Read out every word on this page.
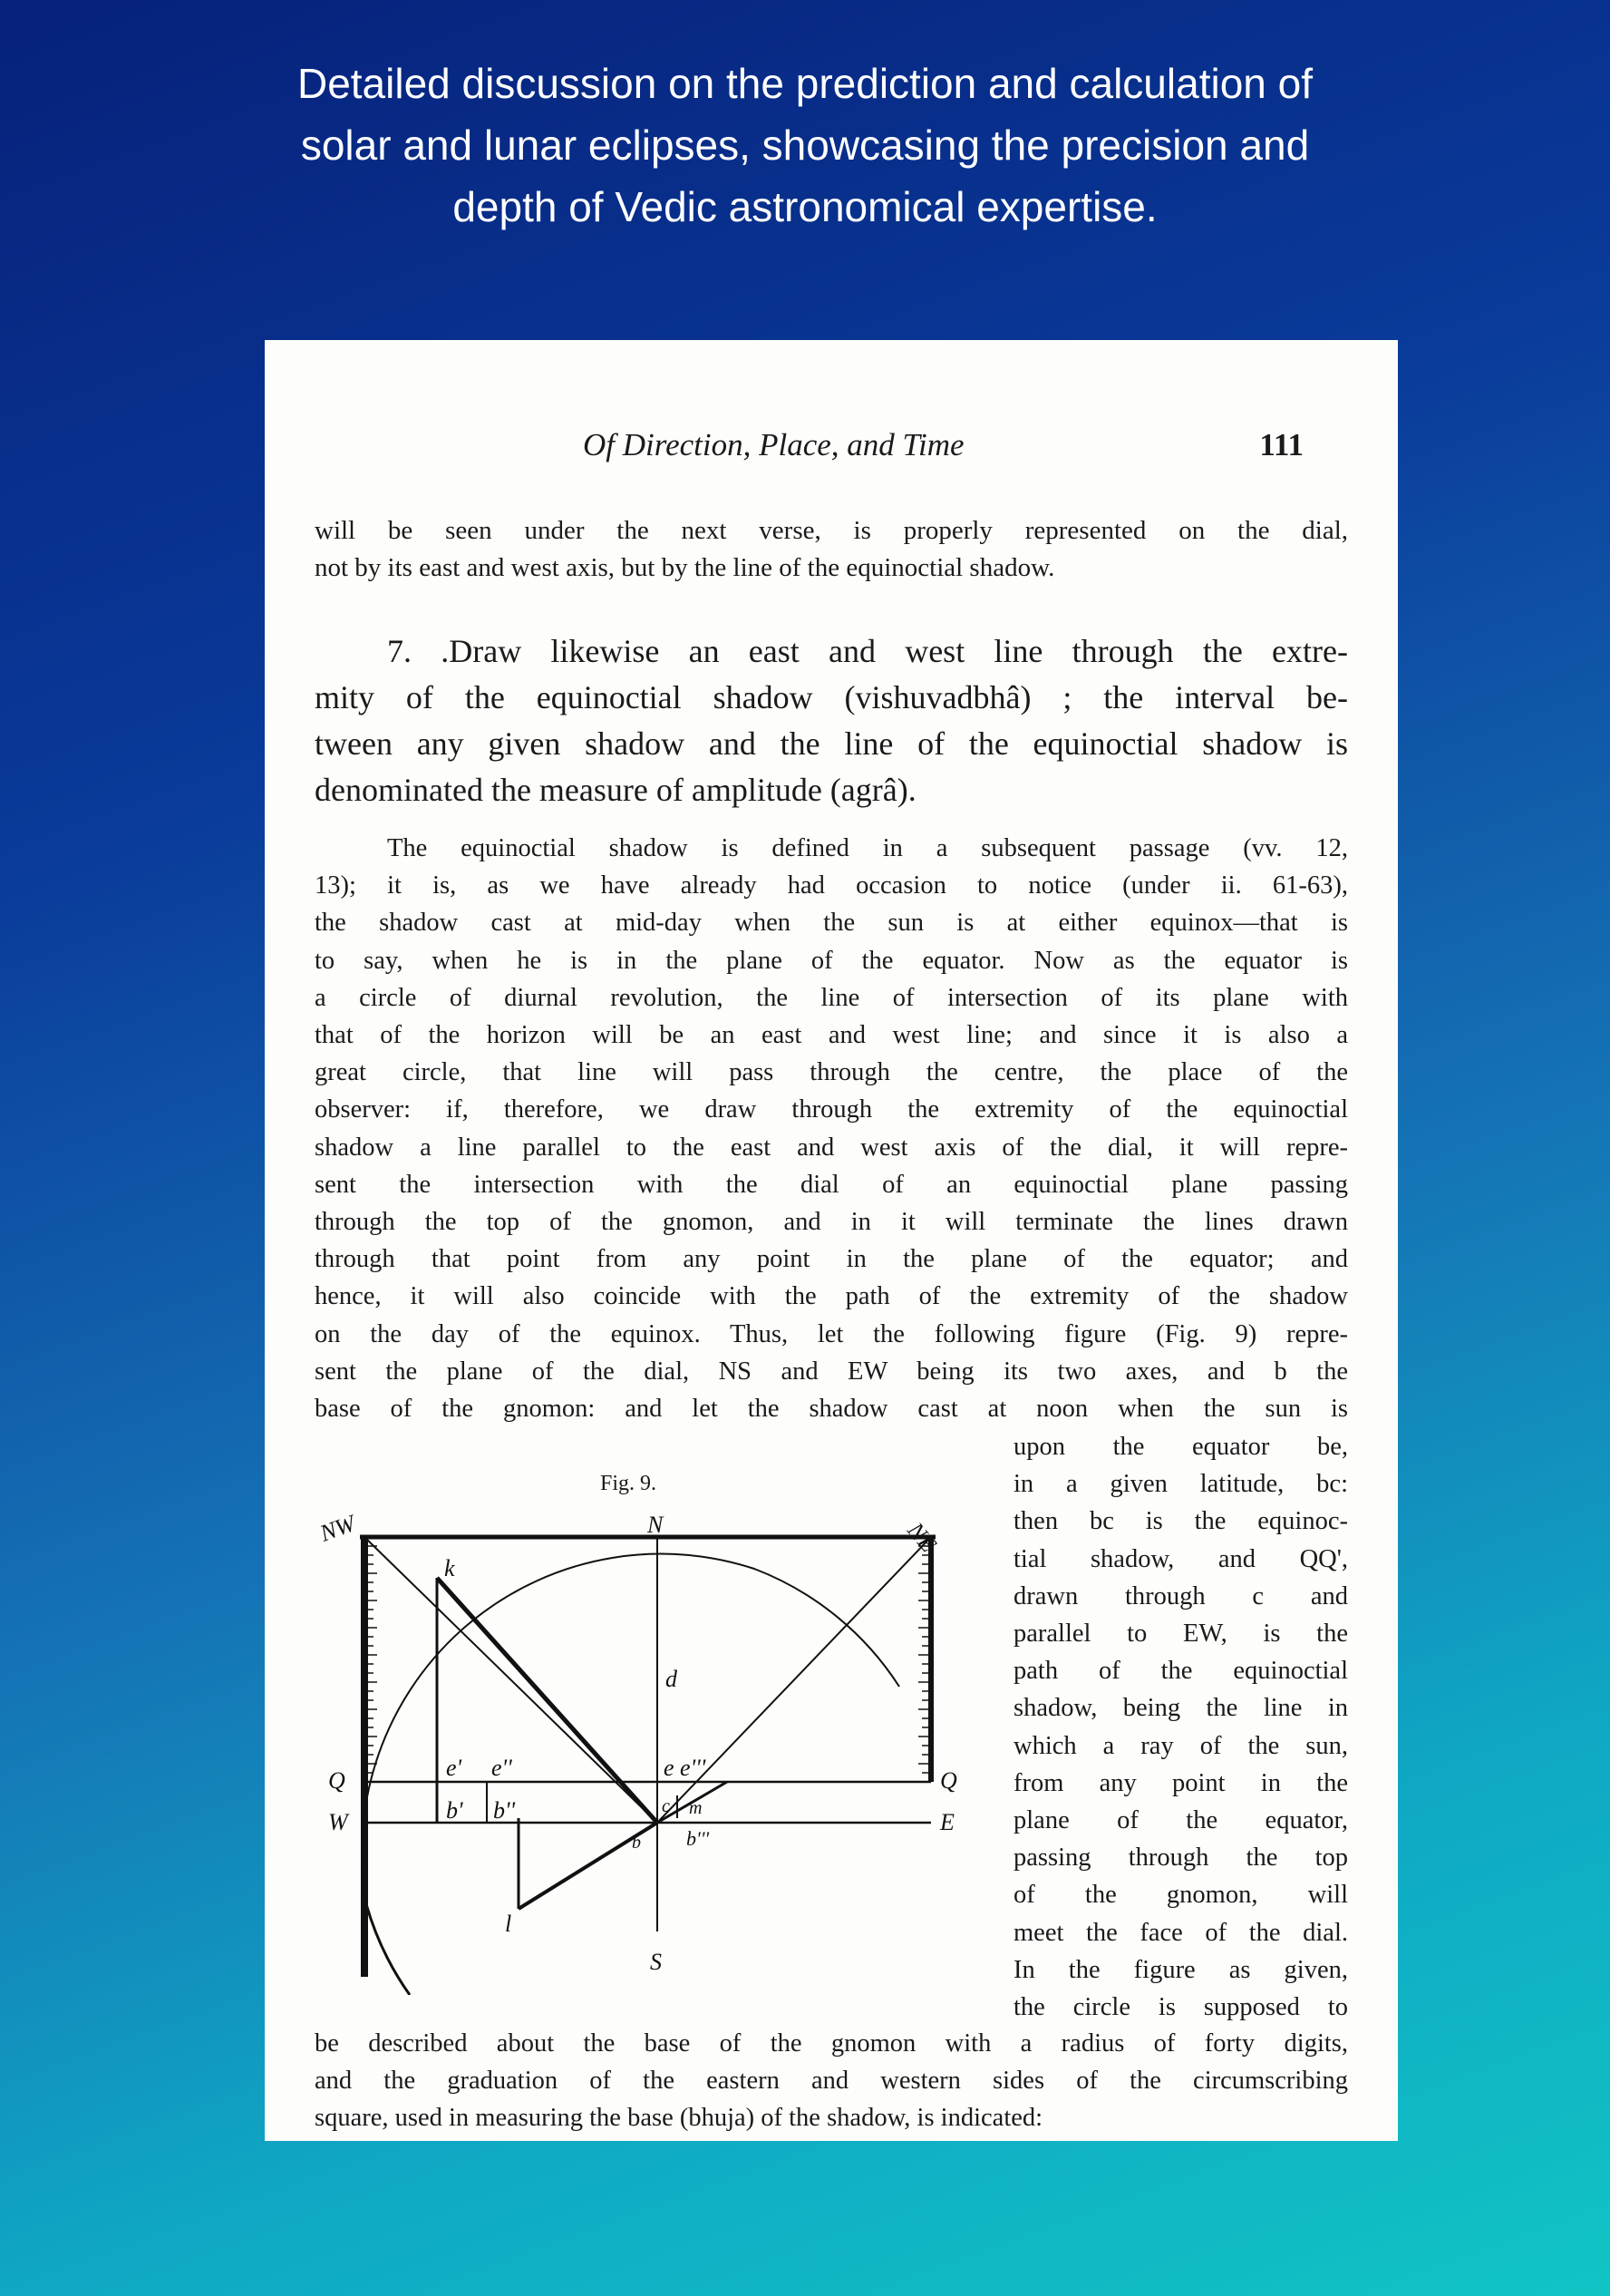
Detailed discussion on the prediction and calculation of
solar and lunar eclipses, showcasing the precision and
depth of Vedic astronomical expertise.
Of Direction, Place, and Time	111
will be seen under the next verse, is properly represented on the dial,
not by its east and west axis, but by the line of the equinoctial shadow.
7. .Draw likewise an east and west line through the extre-
mity of the equinoctial shadow (vishuvadbhâ) ; the interval be-
tween any given shadow and the line of the equinoctial shadow is
denominated the measure of amplitude (agrâ).
The equinoctial shadow is defined in a subsequent passage (vv. 12,
13); it is, as we have already had occasion to notice (under ii. 61-63),
the shadow cast at mid-day when the sun is at either equinox—that is
to say, when he is in the plane of the equator. Now as the equator is
a circle of diurnal revolution, the line of intersection of its plane with
that of the horizon will be an east and west line; and since it is also a
great circle, that line will pass through the centre, the place of the
observer: if, therefore, we draw through the extremity of the equinoctial
shadow a line parallel to the east and west axis of the dial, it will repre-
sent the intersection with the dial of an equinoctial plane passing
through the top of the gnomon, and in it will terminate the lines drawn
through that point from any point in the plane of the equator; and
hence, it will also coincide with the path of the extremity of the shadow
on the day of the equinox. Thus, let the following figure (Fig. 9) repre-
sent the plane of the dial, NS and EW being its two axes, and b the
base of the gnomon: and let the shadow cast at noon when the sun is
upon the equator be,
in a given latitude, bc:
then bc is the equinoc-
tial shadow, and QQ',
drawn through c and
parallel to EW, is the
path of the equinoctial
shadow, being the line in
which a ray of the sun,
from any point in the
plane of the equator,
passing through the top
of the gnomon, will
meet the face of the dial.
In the figure as given,
the circle is supposed to
Fig. 9.
NW	N	NE
S
W	E
Q	Q
k
d
c
e' e''	e e'''
b' b''
b'''
b
m
l
be described about the base of the gnomon with a radius of forty digits,
and the graduation of the eastern and western sides of the circumscribing
square, used in measuring the base (bhuja) of the shadow, is indicated:
